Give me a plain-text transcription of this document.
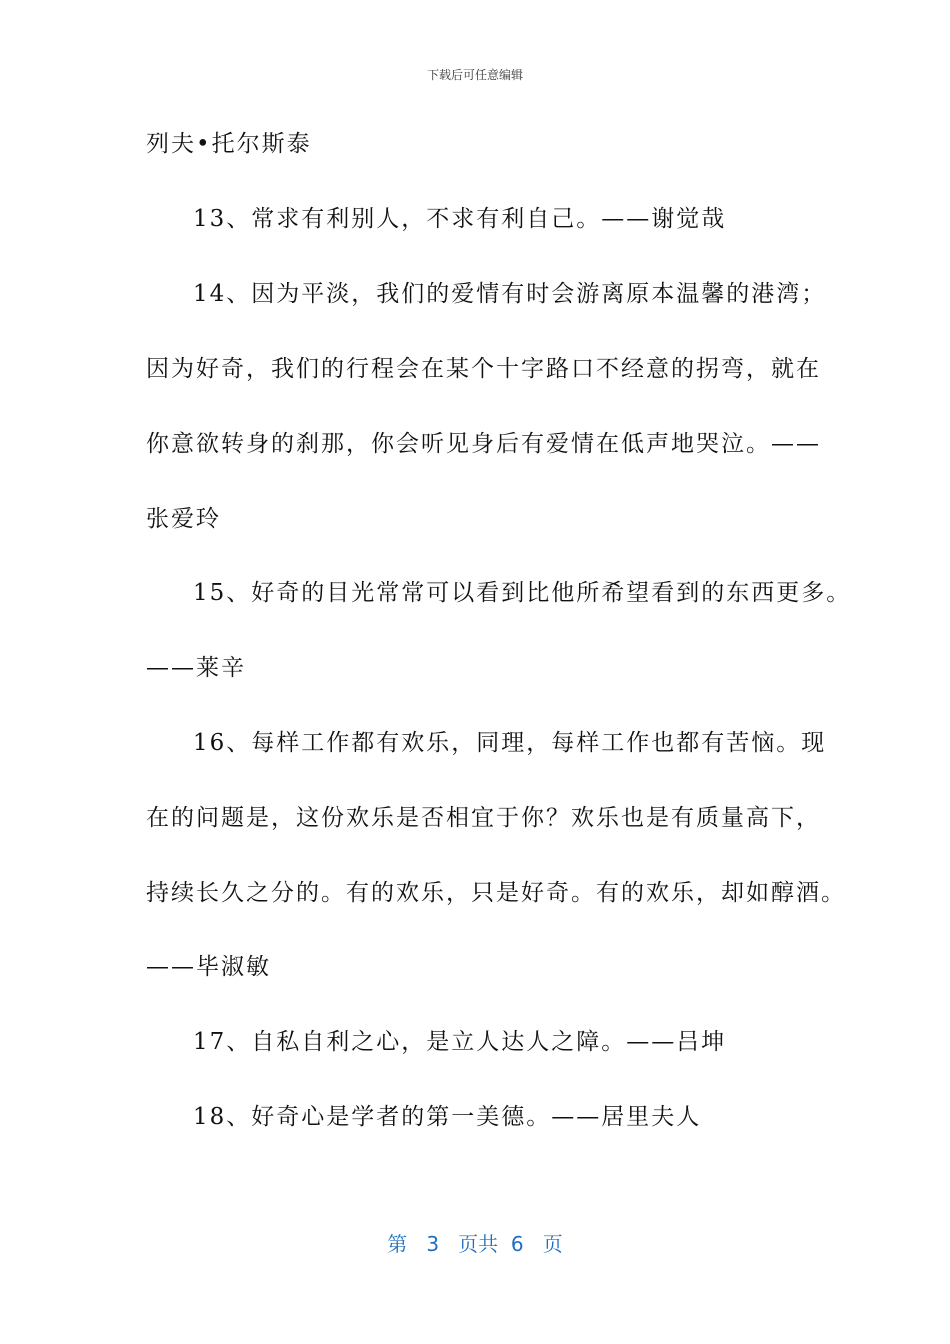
下载后可任意编辑
列夫•托尔斯泰
13、常求有利别人，不求有利自己。——谢觉哉
14、因为平淡，我们的爱情有时会游离原本温馨的港湾；
因为好奇，我们的行程会在某个十字路口不经意的拐弯，就在
你意欲转身的刹那，你会听见身后有爱情在低声地哭泣。——
张爱玲
15、好奇的目光常常可以看到比他所希望看到的东西更多。
——莱辛
16、每样工作都有欢乐，同理，每样工作也都有苦恼。现
在的问题是，这份欢乐是否相宜于你？欢乐也是有质量高下，
持续长久之分的。有的欢乐，只是好奇。有的欢乐，却如醇酒。
——毕淑敏
17、自私自利之心，是立人达人之障。——吕坤
18、好奇心是学者的第一美德。——居里夫人
第 3 页共 6 页
